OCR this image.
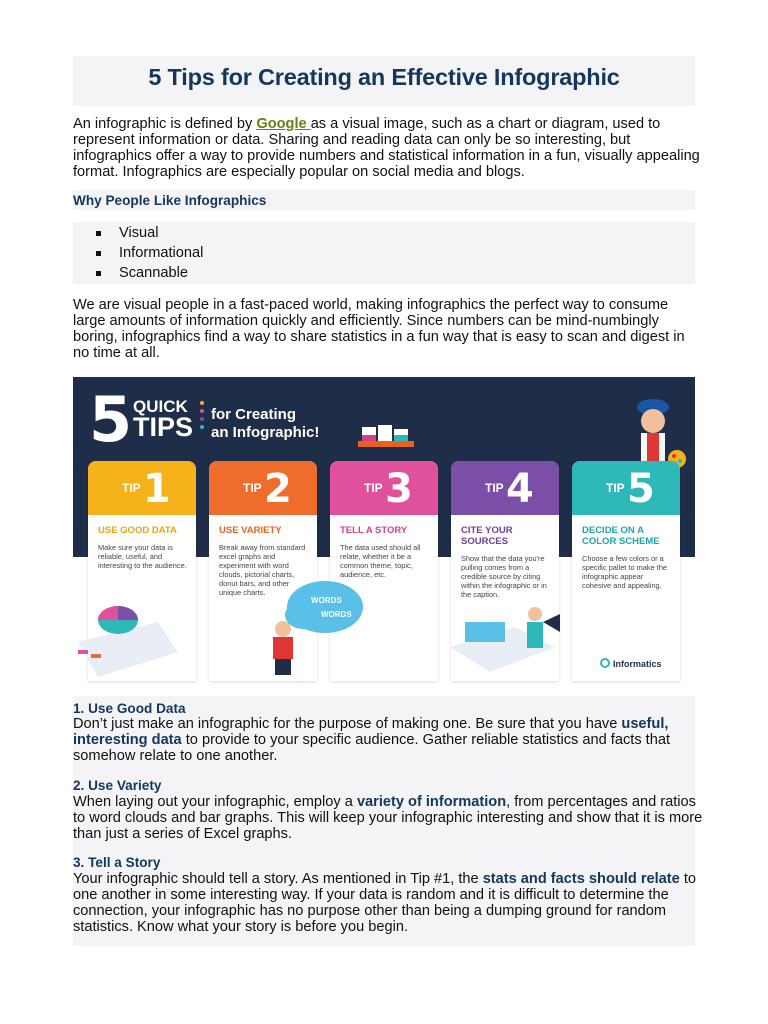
5 Tips for Creating an Effective Infographic

An infographic is defined by Google as a visual image, such as a chart or diagram, used to represent information or data. Sharing and reading data can only be so interesting, but infographics offer a way to provide numbers and statistical information in a fun, visually appealing format. Infographics are especially popular on social media and blogs.

Why People Like Infographics
Visual
Informational
Scannable

We are visual people in a fast-paced world, making infographics the perfect way to consume large amounts of information quickly and efficiently. Since numbers can be mind-numbingly boring, infographics find a way to share statistics in a fun way that is easy to scan and digest in no time at all.

5 QUICK
TIPS for Creating
an Infographic!
TIP 1
USE GOOD DATA
Make sure your data is reliable, useful, and interesting to the audience.
TIP 2
USE VARIETY
Break away from standard excel graphs and experiment with word clouds, pictorial charts, donut bars, and other unique charts.
TIP 3
TELL A STORY
The data used should all relate, whether it be a common theme, topic, audience, etc.
TIP 4
CITE YOUR SOURCES
Show that the data you're pulling comes from a credible source by citing within the infographic or in the caption.
TIP 5
DECIDE ON A COLOR SCHEME
Choose a few colors or a specific pallet to make the infographic appear cohesive and appealing.
WORDS
WORDS
Informatics
1. Use Good Data

Don’t just make an infographic for the purpose of making one. Be sure that you have useful, interesting data to provide to your specific audience. Gather reliable statistics and facts that somehow relate to one another.

2. Use Variety

When laying out your infographic, employ a variety of information, from percentages and ratios to word clouds and bar graphs. This will keep your infographic interesting and show that it is more than just a series of Excel graphs.

3. Tell a Story

Your infographic should tell a story. As mentioned in Tip #1, the stats and facts should relate to one another in some interesting way. If your data is random and it is difficult to determine the connection, your infographic has no purpose other than being a dumping ground for random statistics. Know what your story is before you begin.
